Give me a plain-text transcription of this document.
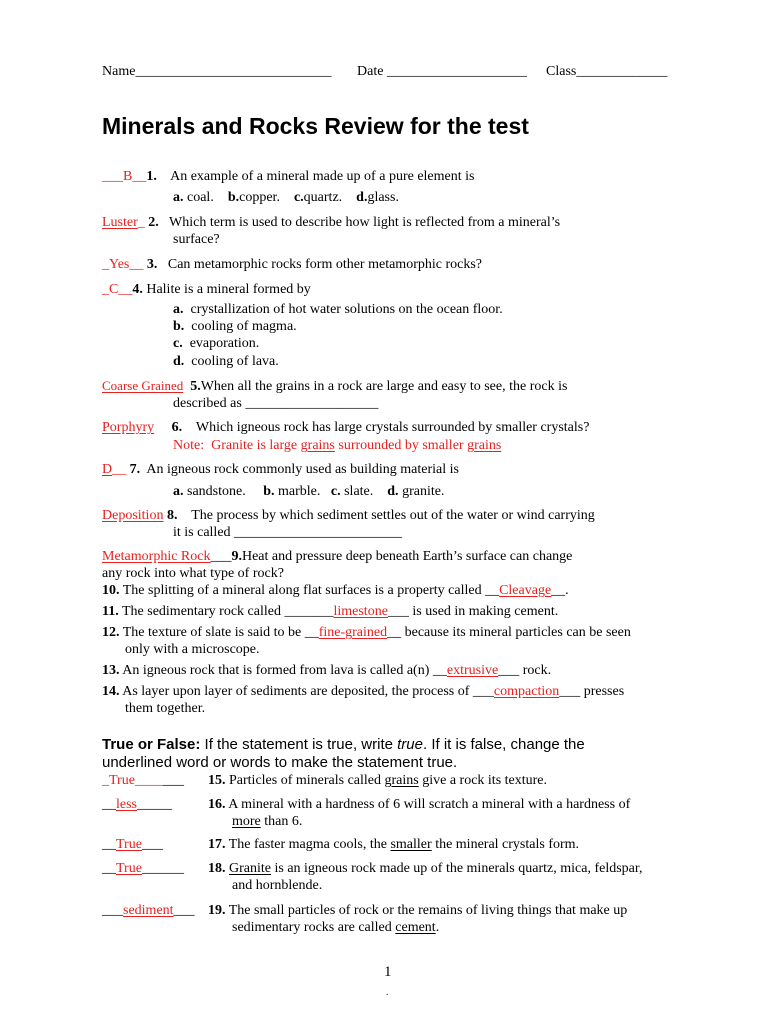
Name____________________________ Date ____________________ Class_____________
Minerals and Rocks Review for the test
___B__1. An example of a mineral made up of a pure element is
a. coal. b.copper. c.quartz. d.glass.
Luster_ 2. Which term is used to describe how light is reflected from a mineral’s
surface?
_Yes__ 3. Can metamorphic rocks form other metamorphic rocks?
_C__4. Halite is a mineral formed by
a. crystallization of hot water solutions on the ocean floor.
b. cooling of magma.
c. evaporation.
d. cooling of lava.
Coarse Grained 5.When all the grains in a rock are large and easy to see, the rock is
described as ___________________
Porphyry 6. Which igneous rock has large crystals surrounded by smaller crystals?
Note:  Granite is large grains surrounded by smaller grains
D__ 7. An igneous rock commonly used as building material is
a. sandstone. b. marble. c. slate. d. granite.
Deposition 8. The process by which sediment settles out of the water or wind carrying
it is called ________________________
Metamorphic Rock___9.Heat and pressure deep beneath Earth’s surface can change
any rock into what type of rock?
10. The splitting of a mineral along flat surfaces is a property called __Cleavage__.
11. The sedimentary rock called _______limestone___ is used in making cement.
12. The texture of slate is said to be __fine-grained__ because its mineral particles can be seen
only with a microscope.
13. An igneous rock that is formed from lava is called a(n) __extrusive___ rock.
14. As layer upon layer of sediments are deposited, the process of ___compaction___ presses
them together.
True or False: If the statement is true, write true. If it is false, change the
underlined word or words to make the statement true.
_True_______ 15. Particles of minerals called grains give a rock its texture.
__less_____	16. A mineral with a hardness of 6 will scratch a mineral with a hardness of
more than 6.
__True___	17. The faster magma cools, the smaller the mineral crystals form.
__True______ 18. Granite is an igneous rock made up of the minerals quartz, mica, feldspar,
and hornblende.
___sediment___ 19. The small particles of rock or the remains of living things that make up
sedimentary rocks are called cement.
1
.
